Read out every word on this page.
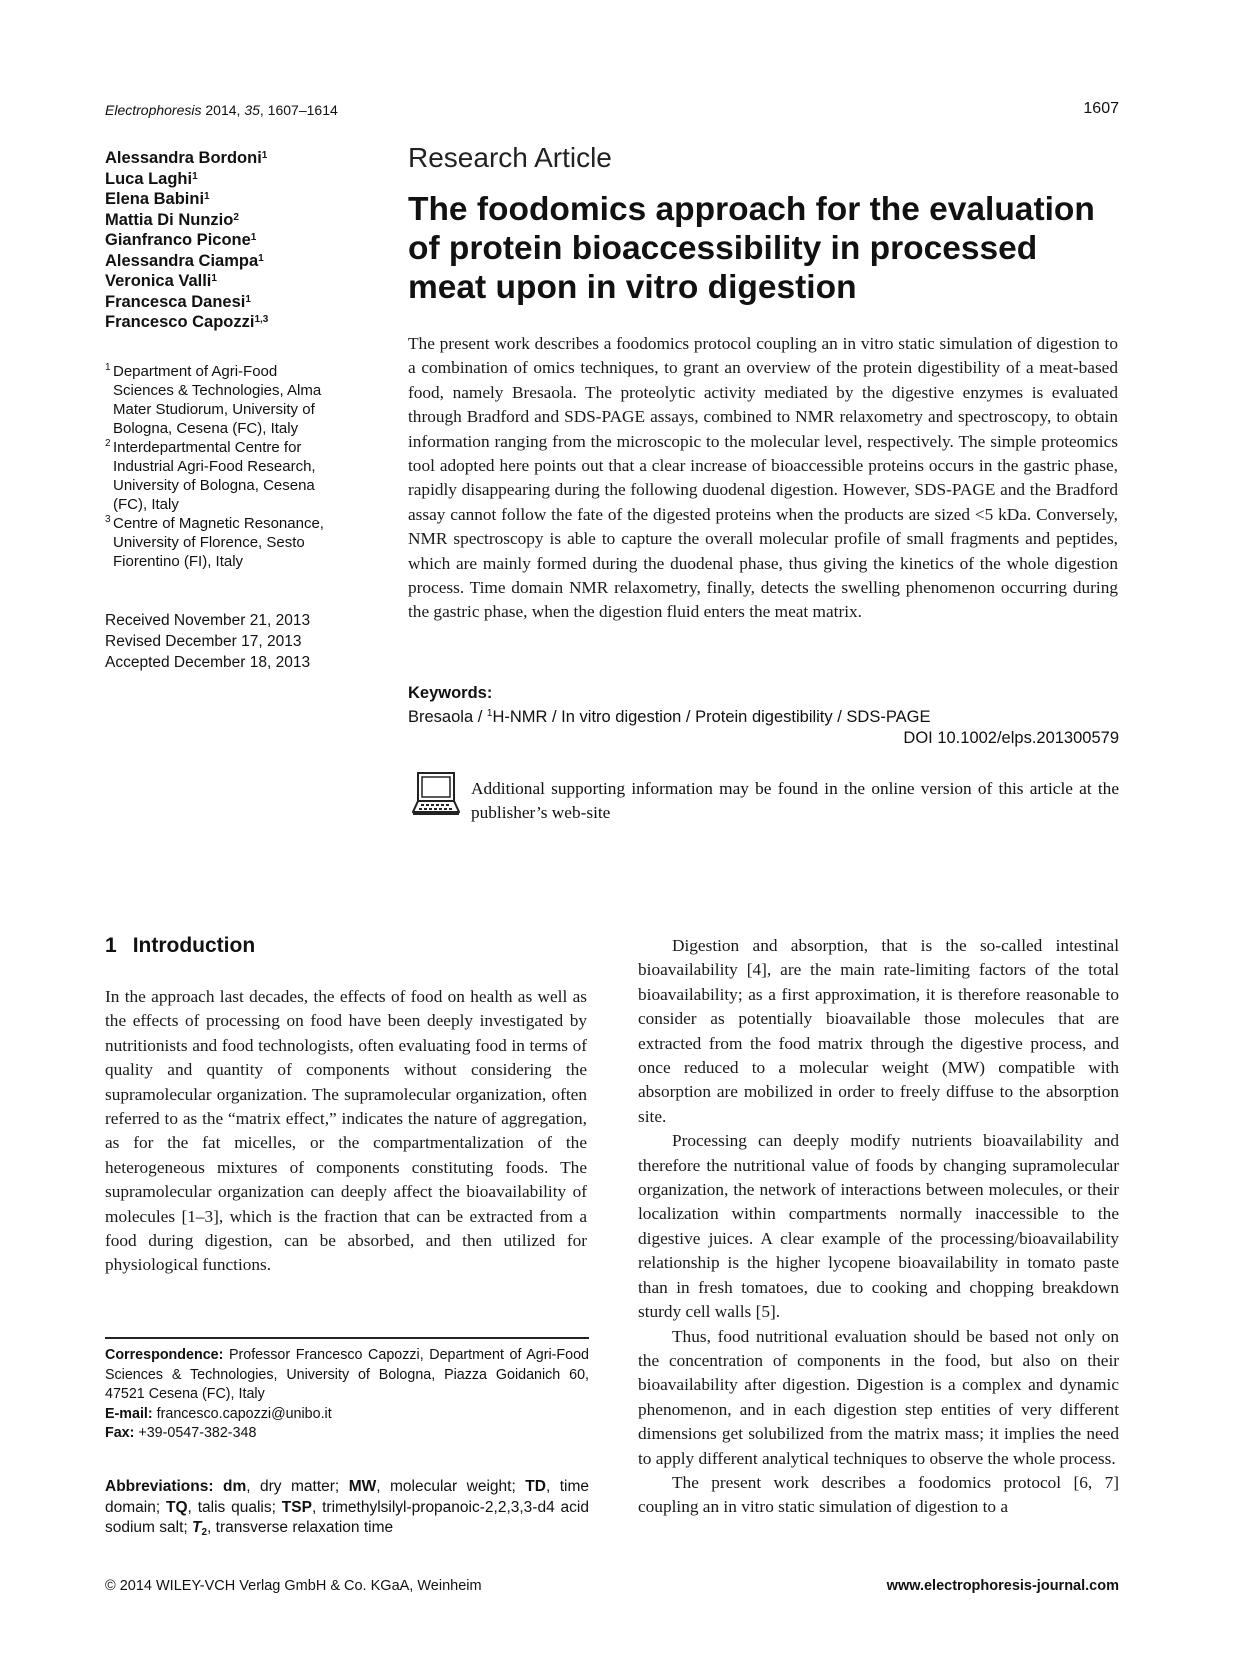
Electrophoresis 2014, 35, 1607–1614	1607
Alessandra Bordoni$^1$
Luca Laghi$^1$
Elena Babini$^1$
Mattia Di Nunzio$^2$
Gianfranco Picone$^1$
Alessandra Ciampa$^1$
Veronica Valli$^1$
Francesca Danesi$^1$
Francesco Capozzi$^{1,3}$
1 Department of Agri-Food
Sciences & Technologies, Alma
Mater Studiorum, University of
Bologna, Cesena (FC), Italy
2 Interdepartmental Centre for
Industrial Agri-Food Research,
University of Bologna, Cesena
(FC), Italy
3 Centre of Magnetic Resonance,
University of Florence, Sesto
Fiorentino (FI), Italy
Received November 21, 2013
Revised December 17, 2013
Accepted December 18, 2013
Research Article
The foodomics approach for the evaluation
of protein bioaccessibility in processed
meat upon in vitro digestion

The present work describes a foodomics protocol coupling an in vitro static simulation of digestion to a combination of omics techniques, to grant an overview of the protein digestibility of a meat-based food, namely Bresaola. The proteolytic activity mediated by the digestive enzymes is evaluated through Bradford and SDS-PAGE assays, combined to NMR relaxometry and spectroscopy, to obtain information ranging from the microscopic to the molecular level, respectively. The simple proteomics tool adopted here points out that a clear increase of bioaccessible proteins occurs in the gastric phase, rapidly disappearing during the following duodenal digestion. However, SDS-PAGE and the Bradford assay cannot follow the fate of the digested proteins when the products are sized <5 kDa. Conversely, NMR spectroscopy is able to capture the overall molecular profile of small fragments and peptides, which are mainly formed during the duodenal phase, thus giving the kinetics of the whole digestion process. Time domain NMR relaxometry, finally, detects the swelling phenomenon occurring during the gastric phase, when the digestion fluid enters the meat matrix.

Keywords:
Bresaola / $^1$H-NMR / In vitro digestion / Protein digestibility / SDS-PAGE
DOI 10.1002/elps.201300579

Additional supporting information may be found in the online version of this article at the publisher’s web-site

1 Introduction

In the approach last decades, the effects of food on health as well as the effects of processing on food have been deeply investigated by nutritionists and food technologists, often evaluating food in terms of quality and quantity of components without considering the supramolecular organization. The supramolecular organization, often referred to as the “matrix effect,” indicates the nature of aggregation, as for the fat micelles, or the compartmentalization of the heterogeneous mixtures of components constituting foods. The supramolecular organization can deeply affect the bioavailability of molecules [1–3], which is the fraction that can be extracted from a food during digestion, can be absorbed, and then utilized for physiological functions.

Digestion and absorption, that is the so-called intestinal bioavailability [4], are the main rate-limiting factors of the total bioavailability; as a first approximation, it is therefore reasonable to consider as potentially bioavailable those molecules that are extracted from the food matrix through the digestive process, and once reduced to a molecular weight (MW) compatible with absorption are mobilized in order to freely diffuse to the absorption site.

Processing can deeply modify nutrients bioavailability and therefore the nutritional value of foods by changing supramolecular organization, the network of interactions between molecules, or their localization within compartments normally inaccessible to the digestive juices. A clear example of the processing/bioavailability relationship is the higher lycopene bioavailability in tomato paste than in fresh tomatoes, due to cooking and chopping breakdown sturdy cell walls [5].

Thus, food nutritional evaluation should be based not only on the concentration of components in the food, but also on their bioavailability after digestion. Digestion is a complex and dynamic phenomenon, and in each digestion step entities of very different dimensions get solubilized from the matrix mass; it implies the need to apply different analytical techniques to observe the whole process.

The present work describes a foodomics protocol [6, 7] coupling an in vitro static simulation of digestion to a

Correspondence: Professor Francesco Capozzi, Department of Agri-Food Sciences & Technologies, University of Bologna, Piazza Goidanich 60, 47521 Cesena (FC), Italy
E-mail: francesco.capozzi@unibo.it
Fax: +39-0547-382-348
Abbreviations: dm, dry matter; MW, molecular weight; TD, time domain; TQ, talis qualis; TSP, trimethylsilyl-propanoic-2,2,3,3-d4 acid sodium salt; $T_2$, transverse relaxation time
© 2014 WILEY-VCH Verlag GmbH & Co. KGaA, Weinheim	www.electrophoresis-journal.com
